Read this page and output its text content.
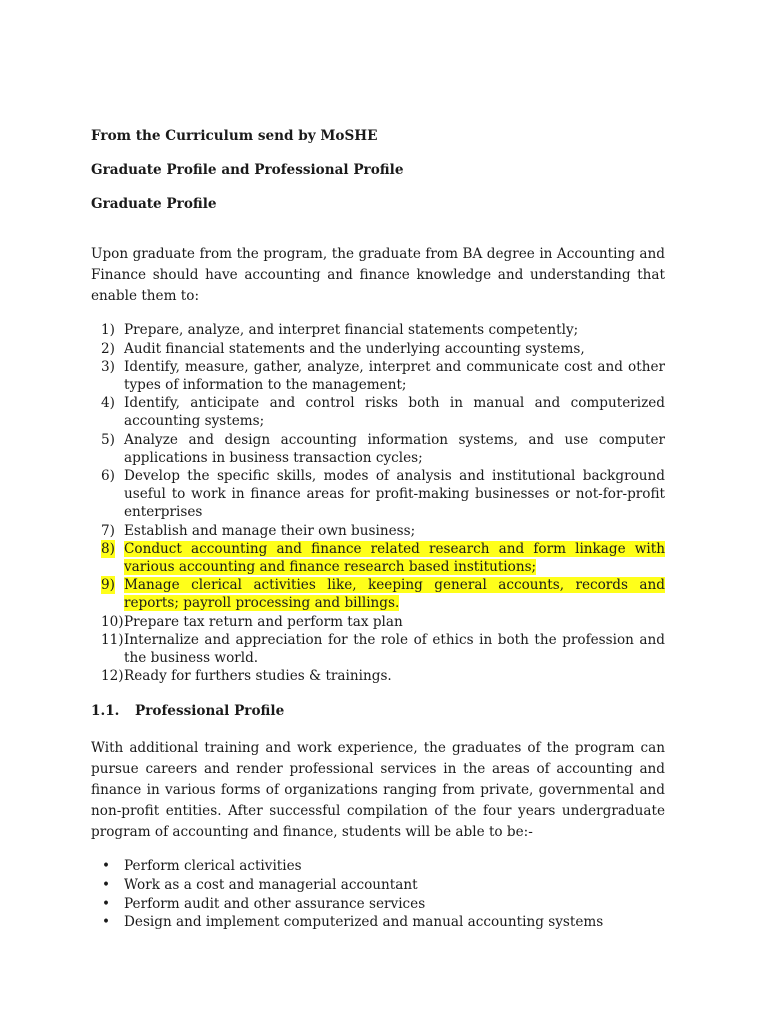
From the Curriculum send by MoSHE

Graduate Profile and Professional Profile

Graduate Profile

Upon graduate from the program, the graduate from BA degree in Accounting and Finance should have accounting and finance knowledge and understanding that enable them to:

1) Prepare, analyze, and interpret financial statements competently;
2) Audit financial statements and the underlying accounting systems,
3) Identify, measure, gather, analyze, interpret and communicate cost and other types of information to the management;
4) Identify, anticipate and control risks both in manual and computerized accounting systems;
5) Analyze and design accounting information systems, and use computer applications in business transaction cycles;
6) Develop the specific skills, modes of analysis and institutional background useful to work in finance areas for profit-making businesses or not-for-profit enterprises
7) Establish and manage their own business;
8) Conduct accounting and finance related research and form linkage with various accounting and finance research based institutions;
9) Manage clerical activities like, keeping general accounts, records and reports; payroll processing and billings.
10) Prepare tax return and perform tax plan
11) Internalize and appreciation for the role of ethics in both the profession and the business world.
12) Ready for furthers studies & trainings.
1.1.	Professional Profile

With additional training and work experience, the graduates of the program can pursue careers and render professional services in the areas of accounting and finance in various forms of organizations ranging from private, governmental and non-profit entities. After successful compilation of the four years undergraduate program of accounting and finance, students will be able to be:-

• Perform clerical activities
• Work as a cost and managerial accountant
• Perform audit and other assurance services
• Design and implement computerized and manual accounting systems
